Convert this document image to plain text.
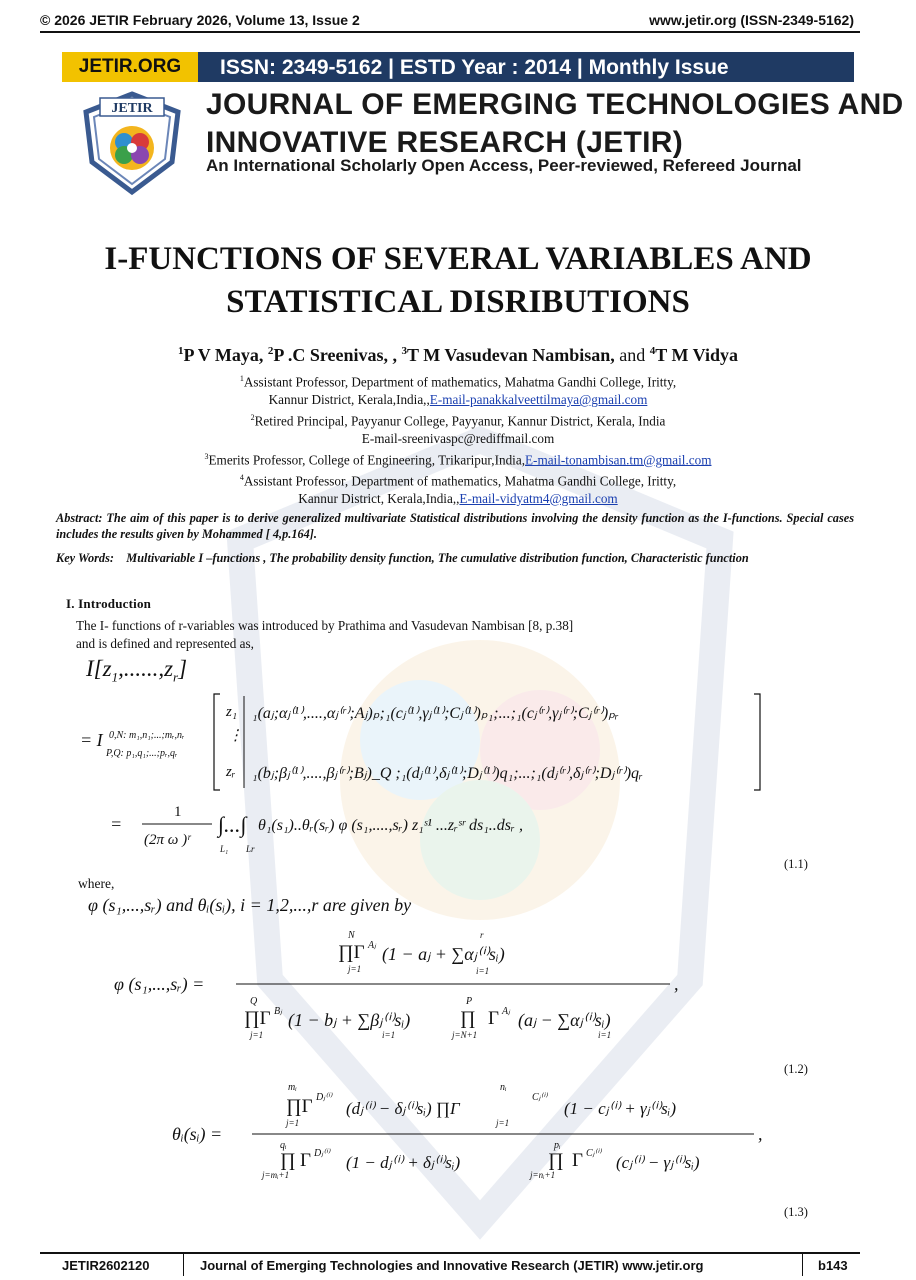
© 2026 JETIR February 2026, Volume 13, Issue 2	www.jetir.org (ISSN-2349-5162)
JETIR.ORG	ISSN: 2349-5162 | ESTD Year : 2014 | Monthly Issue
JETIR JOURNAL OF EMERGING TECHNOLOGIES AND
INNOVATIVE RESEARCH (JETIR)
An International Scholarly Open Access, Peer-reviewed, Refereed Journal
I-FUNCTIONS OF SEVERAL VARIABLES AND
STATISTICAL DISRIBUTIONS
$^1$P V Maya, $^2$P .C Sreenivas, , $^3$T M Vasudevan Nambisan, and $^4$T M Vidya
$^1$Assistant Professor, Department of mathematics, Mahatma Gandhi College, Iritty,
Kannur District, Kerala,India,,E-mail-panakkalveettilmaya@gmail.com
$^2$Retired Principal, Payyanur College, Payyanur, Kannur District, Kerala, India
E-mail-sreenivaspc@rediffmail.com
$^3$Emerits Professor, College of Engineering, Trikaripur,India,E-mail-tonambisan.tm@gmail.com
$^4$Assistant Professor, Department of mathematics, Mahatma Gandhi College, Iritty,
Kannur District, Kerala,India,,E-mail-vidyatm4@gmail.com
Abstract: The aim of this paper is to derive generalized multivariate Statistical distributions involving the density function as the I-functions. Special cases includes the results given by Mohammed [ 4,p.164].
Key Words: Multivariable I –functions , The probability density function, The cumulative distribution function, Characteristic function
I. Introduction
The I- functions of r-variables was introduced by Prathima and Vasudevan Nambisan [8, p.38]
and is defined and represented as,
$I[z_1,......,z_r]$
= I 0,N: m₁,n₁;...;mᵣ,nᵣ
P,Q: p₁,q₁;...;pᵣ,qᵣ
z₁
⋮
zᵣ
₁(aⱼ;αⱼ⁽¹⁾,....,αⱼ⁽ʳ⁾;Aⱼ)ₚ;₁(cⱼ⁽¹⁾,γⱼ⁽¹⁾;Cⱼ⁽¹⁾)ₚ₁;...;₁(cⱼ⁽ʳ⁾,γⱼ⁽ʳ⁾;Cⱼ⁽ʳ⁾)ₚᵣ
₁(bⱼ;βⱼ⁽¹⁾,....,βⱼ⁽ʳ⁾;Bⱼ)_Q ;₁(dⱼ⁽¹⁾,δⱼ⁽¹⁾;Dⱼ⁽¹⁾)q₁;...;₁(dⱼ⁽ʳ⁾,δⱼ⁽ʳ⁾;Dⱼ⁽ʳ⁾)qᵣ
=
1
(2π ω )ʳ
∫...∫
L₁ Lr
θ₁(s₁)..θᵣ(sᵣ) φ (s₁,....,sᵣ) z₁ˢ¹ ...zᵣˢʳ ds₁..dsᵣ ,
(1.1)
where,
φ (s₁,...,sᵣ) and θᵢ(sᵢ), i = 1,2,...,r are given by
N
∏Γ Aⱼ (1 − aⱼ + ∑αⱼ⁽ⁱ⁾sᵢ)
j=1
r
i=1
φ (s₁,...,sᵣ) =	,
Q
∏Γ Bⱼ (1 − bⱼ + ∑βⱼ⁽ⁱ⁾sᵢ)
j=1	i=1
P
∏
j=N+1
Γ Aⱼ (aⱼ − ∑αⱼ⁽ⁱ⁾sᵢ)
i=1
(1.2)
mᵢ
∏Γ Dⱼ⁽ⁱ⁾
(dⱼ⁽ⁱ⁾ − δⱼ⁽ⁱ⁾sᵢ) ∏Γ
j=1
nᵢ
j=1
Cⱼ⁽ⁱ⁾
(1 − cⱼ⁽ⁱ⁾ + γⱼ⁽ⁱ⁾sᵢ)
θᵢ(sᵢ) =	,
qᵢ
∏
j=mᵢ+1
Γ Dⱼ⁽ⁱ⁾ (1 − dⱼ⁽ⁱ⁾ + δⱼ⁽ⁱ⁾sᵢ)
pᵢ
∏
j=nᵢ+1
Γ Cⱼ⁽ⁱ⁾ (cⱼ⁽ⁱ⁾ − γⱼ⁽ⁱ⁾sᵢ)
(1.3)
JETIR2602120	Journal of Emerging Technologies and Innovative Research (JETIR) www.jetir.org	b143
